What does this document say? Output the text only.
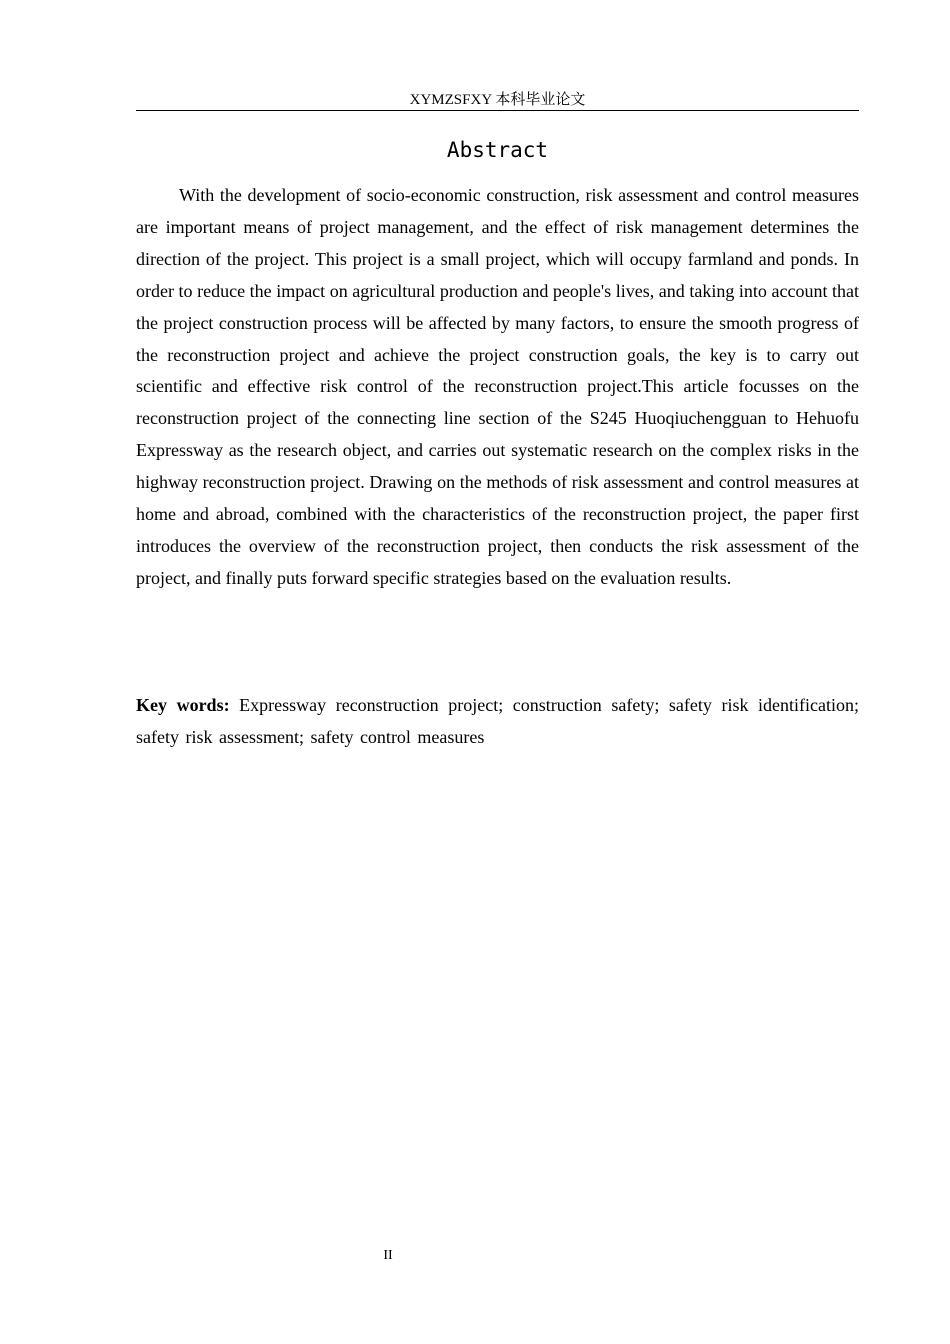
XYMZSFXY 本科毕业论文
Abstract

With the development of socio-economic construction, risk assessment and control measures are important means of project management, and the effect of risk management determines the direction of the project. This project is a small project, which will occupy farmland and ponds. In order to reduce the impact on agricultural production and people's lives, and taking into account that the project construction process will be affected by many factors, to ensure the smooth progress of the reconstruction project and achieve the project construction goals, the key is to carry out scientific and effective risk control of the reconstruction project.This article focusses on the reconstruction project of the connecting line section of the S245 Huoqiuchengguan to Hehuofu Expressway as the research object, and carries out systematic research on the complex risks in the highway reconstruction project. Drawing on the methods of risk assessment and control measures at home and abroad, combined with the characteristics of the reconstruction project, the paper first introduces the overview of the reconstruction project, then conducts the risk assessment of the project, and finally puts forward specific strategies based on the evaluation results.

Key words: Expressway reconstruction project; construction safety; safety risk identification; safety risk assessment; safety control measures

II
